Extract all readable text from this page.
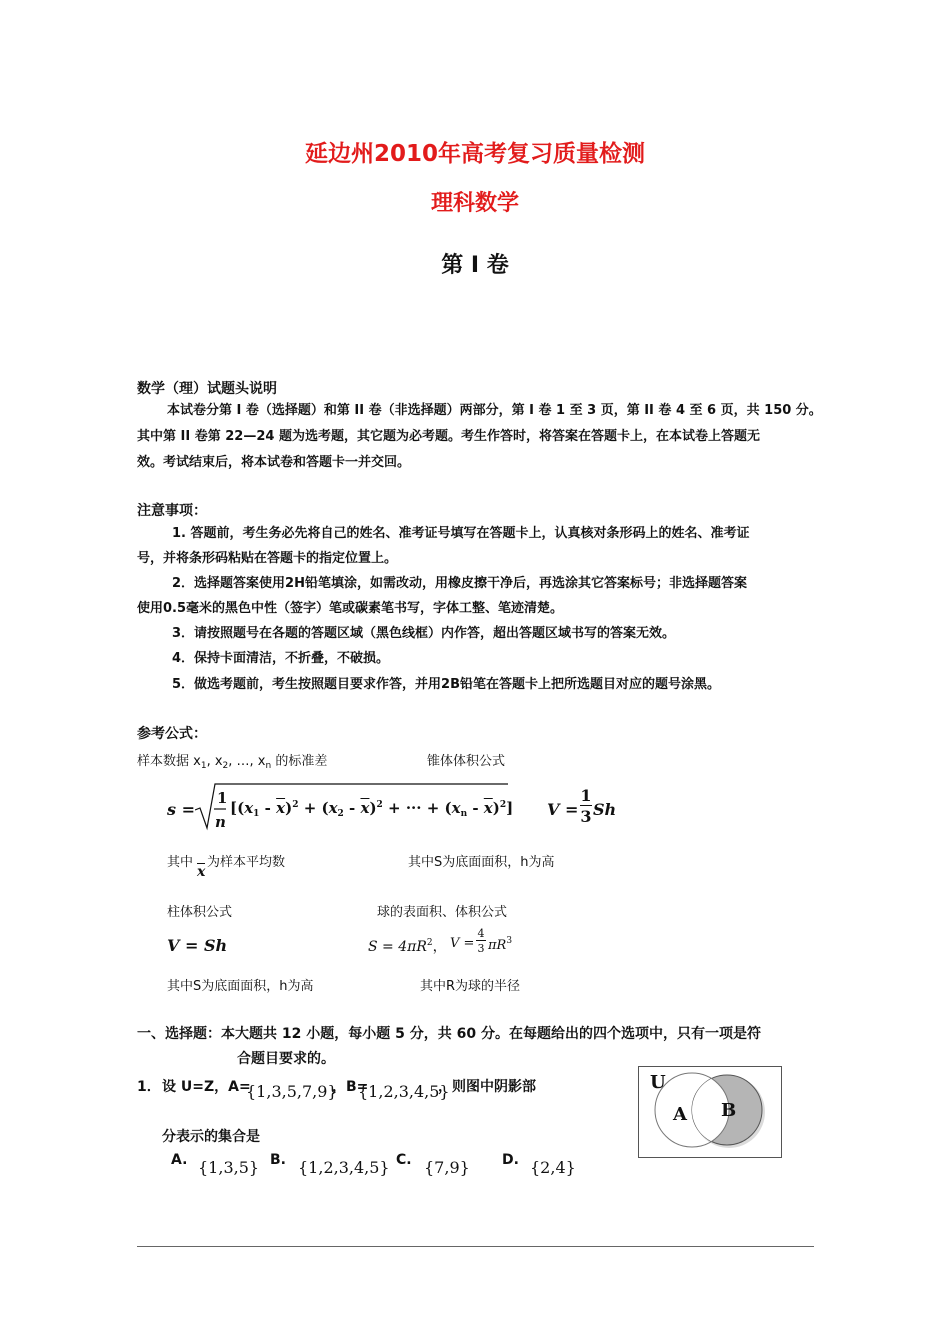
延边州2010年高考复习质量检测
理科数学
第 I 卷
数学（理）试题头说明
本试卷分第 I 卷（选择题）和第 II 卷（非选择题）两部分，第 I 卷 1 至 3 页，第 II 卷 4 至 6 页，共 150 分。
其中第 II 卷第 22—24 题为选考题，其它题为必考题。考生作答时，将答案在答题卡上，在本试卷上答题无
效。考试结束后，将本试卷和答题卡一并交回。
注意事项：
1. 答题前，考生务必先将自己的姓名、准考证号填写在答题卡上，认真核对条形码上的姓名、准考证
号，并将条形码粘贴在答题卡的指定位置上。
2．选择题答案使用2H铅笔填涂，如需改动，用橡皮擦干净后，再选涂其它答案标号；非选择题答案
使用0.5毫米的黑色中性（签字）笔或碳素笔书写，字体工整、笔迹清楚。
3．请按照题号在各题的答题区域（黑色线框）内作答，超出答题区域书写的答案无效。
4．保持卡面清洁，不折叠，不破损。
5．做选考题前，考生按照题目要求作答，并用2B铅笔在答题卡上把所选题目对应的题号涂黑。
参考公式：
样本数据 $x_1$, $x_2$, …, $x_n$ 的标准差	锥体体积公式
s =
1
n
[$(x_1 - \overline{x})^2 + (x_2 - \overline{x})^2$ + ··· + $(x_n - \overline{x})^2$] V =
1
3 Sh
其中 为样本平均数
x
其中S为底面面积，h为高
柱体积公式	球的表面积、体积公式
V = Sh	$S = 4\pi R^2$， V =
4
3 $\pi R^3$
其中S为底面面积，h为高	其中R为球的半径
一、选择题：本大题共 12 小题，每小题 5 分，共 60 分。在每题给出的四个选项中，只有一项是符
合题目要求的。
1． 设 U=Z，A=
{1,3,5,7,9}
，B=
{1,2,3,4,5}
，则图中阴影部
分表示的集合是
A. {1,3,5} B. {1,2,3,4,5} C. {7,9} D. {2,4}
U
A B
